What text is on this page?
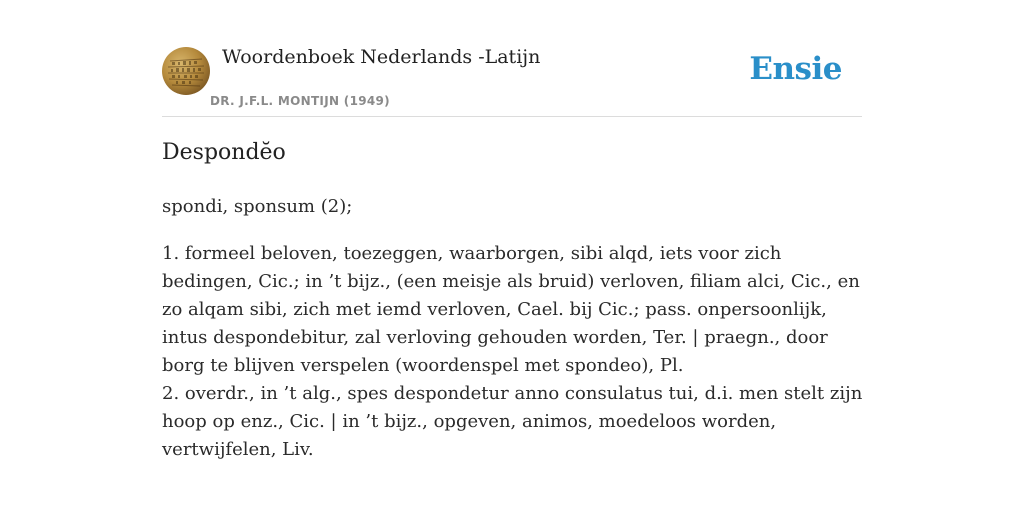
Woordenboek Nederlands -Latijn
DR. J.F.L. MONTIJN (1949)
Ensie
Despondĕo

spondi, sponsum (2);

1. formeel beloven, toezeggen, waarborgen, sibi alqd, iets voor zich bedingen, Cic.; in ’t bijz., (een meisje als bruid) verloven, filiam alci, Cic., en zo alqam sibi, zich met iemd verloven, Cael. bij Cic.; pass. onpersoonlijk, intus despondebitur, zal verloving gehouden worden, Ter. | praegn., door borg te blijven verspelen (woordenspel met spondeo), Pl.
2. overdr., in ’t alg., spes despondetur anno consulatus tui, d.i. men stelt zijn hoop op enz., Cic. | in ’t bijz., opgeven, animos, moedeloos worden, vertwijfelen, Liv.
